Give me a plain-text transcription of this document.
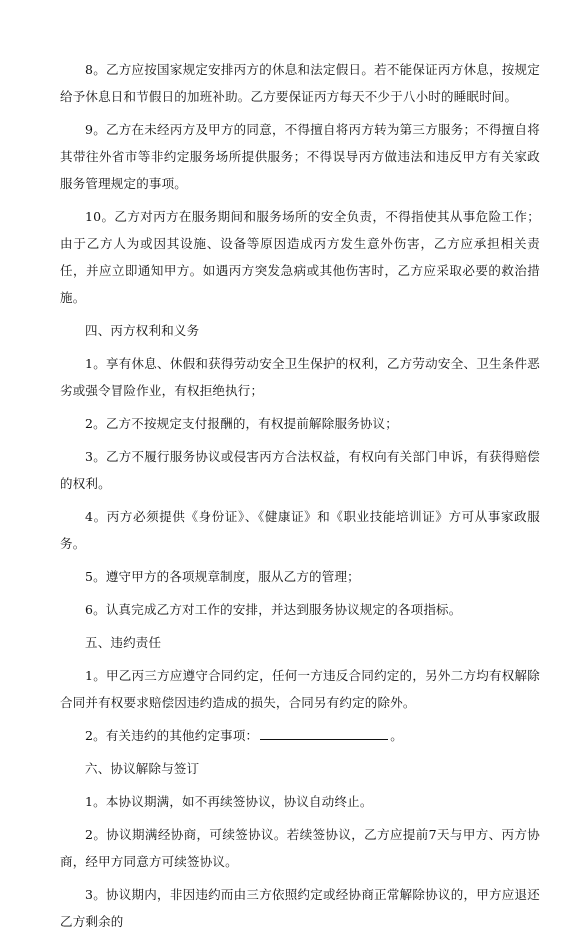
8。乙方应按国家规定安排丙方的休息和法定假日。若不能保证丙方休息，按规定给予休息日和节假日的加班补助。乙方要保证丙方每天不少于八小时的睡眠时间。

9。乙方在未经丙方及甲方的同意，不得擅自将丙方转为第三方服务；不得擅自将其带往外省市等非约定服务场所提供服务；不得误导丙方做违法和违反甲方有关家政服务管理规定的事项。

10。乙方对丙方在服务期间和服务场所的安全负责，不得指使其从事危险工作；由于乙方人为或因其设施、设备等原因造成丙方发生意外伤害，乙方应承担相关责任，并应立即通知甲方。如遇丙方突发急病或其他伤害时，乙方应采取必要的救治措施。

四、丙方权利和义务

1。享有休息、休假和获得劳动安全卫生保护的权利，乙方劳动安全、卫生条件恶劣或强令冒险作业，有权拒绝执行；

2。乙方不按规定支付报酬的，有权提前解除服务协议；

3。乙方不履行服务协议或侵害丙方合法权益，有权向有关部门申诉，有获得赔偿的权利。

4。丙方必须提供《身份证》、《健康证》和《职业技能培训证》方可从事家政服务。

5。遵守甲方的各项规章制度，服从乙方的管理；

6。认真完成乙方对工作的安排，并达到服务协议规定的各项指标。

五、违约责任

1。甲乙丙三方应遵守合同约定，任何一方违反合同约定的，另外二方均有权解除合同并有权要求赔偿因违约造成的损失，合同另有约定的除外。

2。有关违约的其他约定事项：	。

六、协议解除与签订

1。本协议期满，如不再续签协议，协议自动终止。

2。协议期满经协商，可续签协议。若续签协议，乙方应提前7天与甲方、丙方协商，经甲方同意方可续签协议。

3。协议期内，非因违约而由三方依照约定或经协商正常解除协议的，甲方应退还乙方剩余的
